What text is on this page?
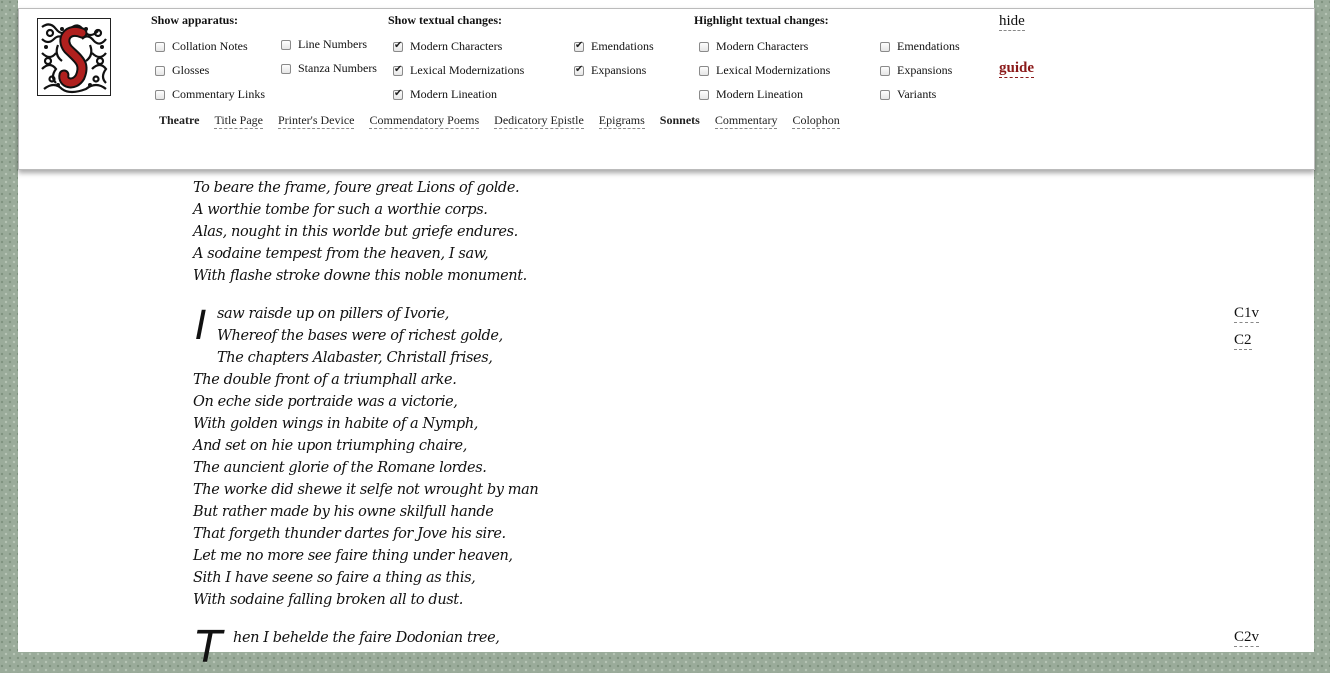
To beare the frame, foure great Lions of golde.
A worthie tombe for such a worthie corps.
Alas, nought in this worlde but griefe endures.
A sodaine tempest from the heaven, I saw,
With flashe stroke downe this noble monument.
I saw raisde up on pillers of Ivorie,
Whereof the bases were of richest golde,
The chapters Alabaster, Christall frises,
The double front of a triumphall arke.
On eche side portraide was a victorie,
With golden wings in habite of a Nymph,
And set on hie upon triumphing chaire,
The auncient glorie of the Romane lordes.
The worke did shewe it selfe not wrought by man
But rather made by his owne skilfull hande
That forgeth thunder dartes for Jove his sire.
Let me no more see faire thing under heaven,
Sith I have seene so faire a thing as this,
With sodaine falling broken all to dust.
T hen I behelde the faire Dodonian tree,
C1v
C2
C2v
Show apparatus:
Collation Notes	Line Numbers
Glosses	Stanza Numbers
Commentary Links
Show textual changes:
✔
Modern Characters ✔	Emendations
✔
Lexical Modernizations ✔	Expansions
✔
Modern Lineation
Highlight textual changes:
Modern Characters	Emendations
Lexical Modernizations	Expansions
Modern Lineation	Variants
hide
guide
Theatre Title Page Printer's Device Commendatory Poems Dedicatory Epistle Epigrams Sonnets Commentary Colophon
